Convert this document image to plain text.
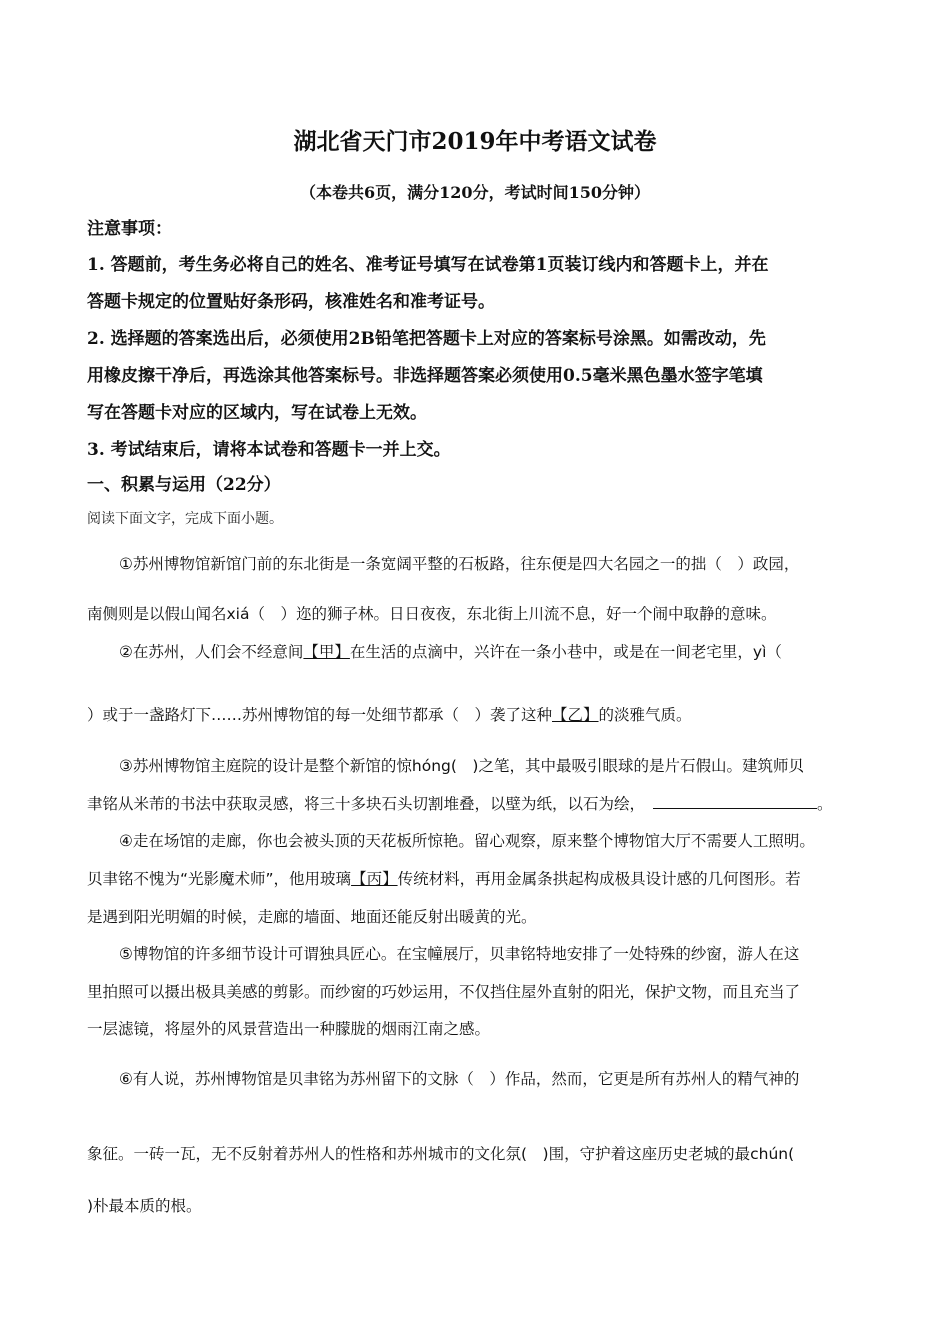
湖北省天门市2019年中考语文试卷
（本卷共6页，满分120分，考试时间150分钟）
注意事项：
1. 答题前，考生务必将自己的姓名、准考证号填写在试卷第1页装订线内和答题卡上，并在
答题卡规定的位置贴好条形码，核准姓名和准考证号。
2. 选择题的答案选出后，必须使用2B铅笔把答题卡上对应的答案标号涂黑。如需改动，先
用橡皮擦干净后，再选涂其他答案标号。非选择题答案必须使用0.5毫米黑色墨水签字笔填
写在答题卡对应的区域内，写在试卷上无效。
3. 考试结束后，请将本试卷和答题卡一并上交。
一、积累与运用（22分）
阅读下面文字，完成下面小题。
①苏州博物馆新馆门前的东北街是一条宽阔平整的石板路，往东便是四大名园之一的拙（　）政园，
南侧则是以假山闻名xiá（　）迩的狮子林。日日夜夜，东北街上川流不息，好一个闹中取静的意味。
②在苏州，人们会不经意间【甲】在生活的点滴中，兴许在一条小巷中，或是在一间老宅里，yì（
）或于一盏路灯下……苏州博物馆的每一处细节都承（　）袭了这种【乙】的淡雅气质。
③苏州博物馆主庭院的设计是整个新馆的惊hóng(　)之笔，其中最吸引眼球的是片石假山。建筑师贝
聿铭从米芾的书法中获取灵感，将三十多块石头切割堆叠，以壁为纸，以石为绘，	。
④走在场馆的走廊，你也会被头顶的天花板所惊艳。留心观察，原来整个博物馆大厅不需要人工照明。
贝聿铭不愧为“光影魔术师”，他用玻璃【丙】传统材料，再用金属条拱起构成极具设计感的几何图形。若
是遇到阳光明媚的时候，走廊的墙面、地面还能反射出暖黄的光。
⑤博物馆的许多细节设计可谓独具匠心。在宝幢展厅，贝聿铭特地安排了一处特殊的纱窗，游人在这
里拍照可以摄出极具美感的剪影。而纱窗的巧妙运用，不仅挡住屋外直射的阳光，保护文物，而且充当了
一层滤镜，将屋外的风景营造出一种朦胧的烟雨江南之感。
⑥有人说，苏州博物馆是贝聿铭为苏州留下的文脉（　）作品，然而，它更是所有苏州人的精气神的
象征。一砖一瓦，无不反射着苏州人的性格和苏州城市的文化氛(　)围，守护着这座历史老城的最chún(
)朴最本质的根。
